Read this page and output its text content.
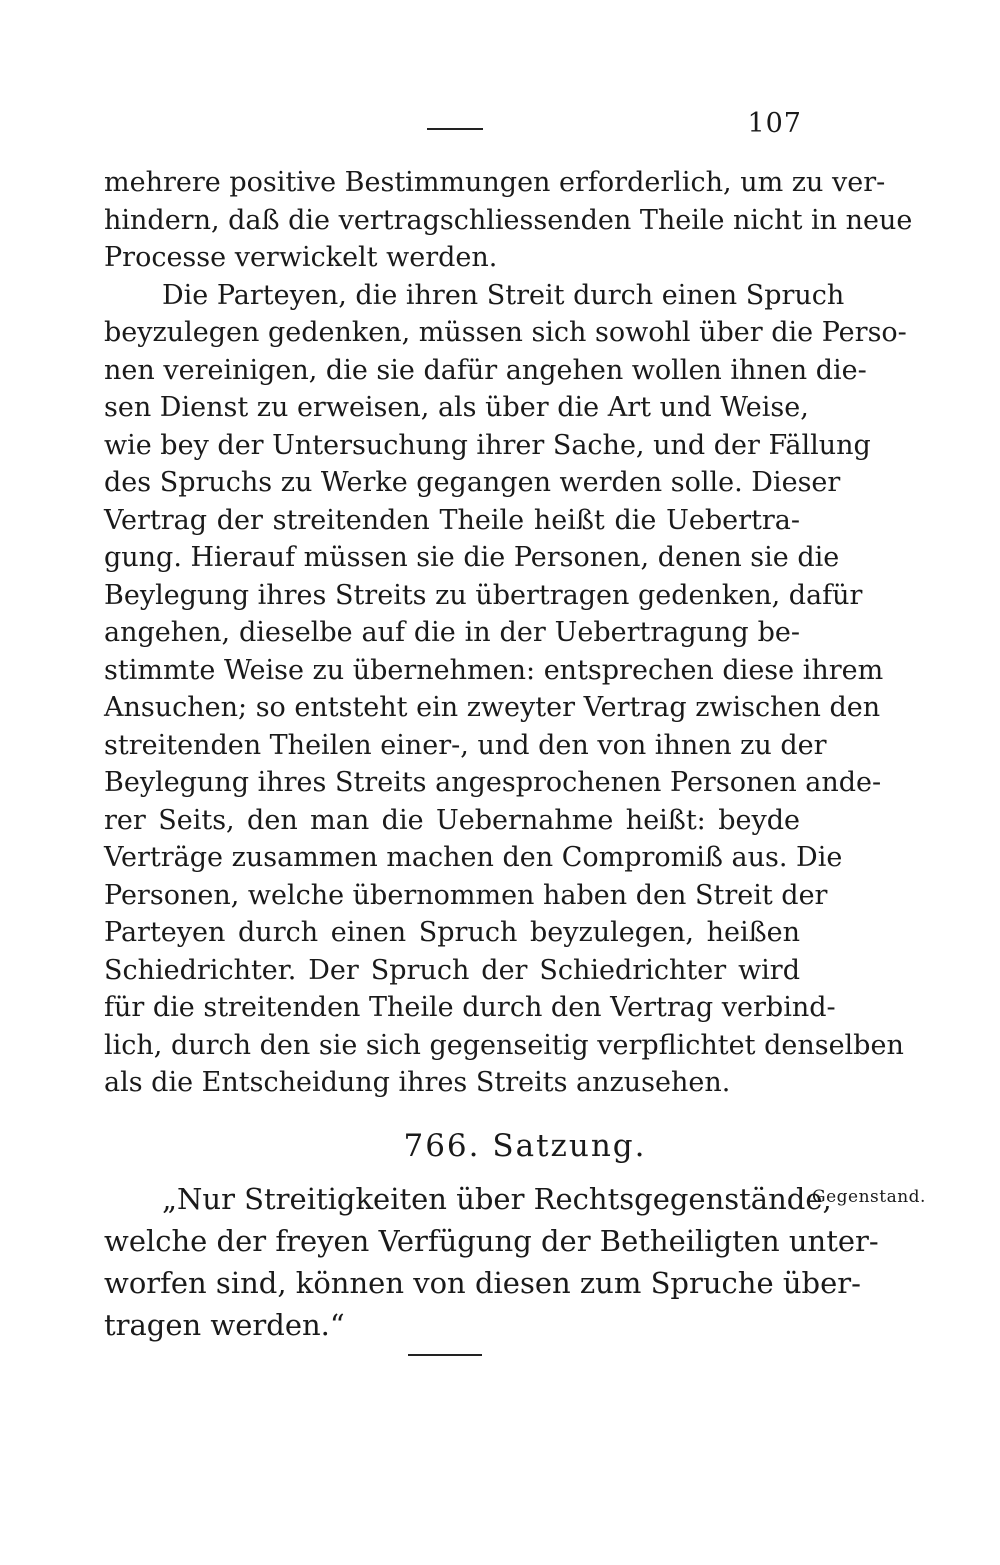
107
mehrere positive Bestimmungen erforderlich, um zu ver-
hindern, daß die vertragschliessenden Theile nicht in neue
Processe verwickelt werden.
Die Parteyen, die ihren Streit durch einen Spruch
beyzulegen gedenken, müssen sich sowohl über die Perso-
nen vereinigen, die sie dafür angehen wollen ihnen die-
sen Dienst zu erweisen, als über die Art und Weise,
wie bey der Untersuchung ihrer Sache, und der Fällung
des Spruchs zu Werke gegangen werden solle. Dieser
Vertrag der streitenden Theile heißt die Uebertra-
gung. Hierauf müssen sie die Personen, denen sie die
Beylegung ihres Streits zu übertragen gedenken, dafür
angehen, dieselbe auf die in der Uebertragung be-
stimmte Weise zu übernehmen: entsprechen diese ihrem
Ansuchen; so entsteht ein zweyter Vertrag zwischen den
streitenden Theilen einer-, und den von ihnen zu der
Beylegung ihres Streits angesprochenen Personen ande-
rer Seits, den man die Uebernahme heißt: beyde
Verträge zusammen machen den Compromiß aus. Die
Personen, welche übernommen haben den Streit der
Parteyen durch einen Spruch beyzulegen, heißen
Schiedrichter. Der Spruch der Schiedrichter wird
für die streitenden Theile durch den Vertrag verbind-
lich, durch den sie sich gegenseitig verpflichtet denselben
als die Entscheidung ihres Streits anzusehen.
766. Satzung.
„Nur Streitigkeiten über Rechtsgegenstände,
welche der freyen Verfügung der Betheiligten unter-
worfen sind, können von diesen zum Spruche über-
tragen werden.“
Gegenstand.
